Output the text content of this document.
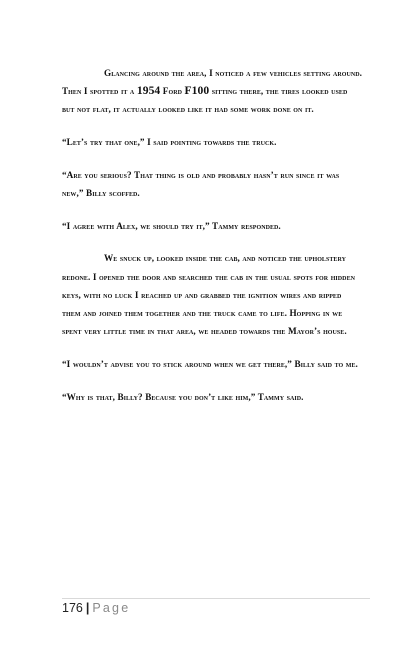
Glancing around the area, I noticed a few vehicles setting around. Then I spotted it a 1954 Ford F100 sitting there, the tires looked used but not flat, it actually looked like it had some work done on it.

“Let’s try that one,” I said pointing towards the truck.

“Are you serious? That thing is old and probably hasn’t run since it was new,” Billy scoffed.

“I agree with Alex, we should try it,” Tammy responded.

We snuck up, looked inside the cab, and noticed the upholstery redone. I opened the door and searched the cab in the usual spots for hidden keys, with no luck I reached up and grabbed the ignition wires and ripped them and joined them together and the truck came to life. Hopping in we spent very little time in that area, we headed towards the Mayor’s house.

“I wouldn’t advise you to stick around when we get there,” Billy said to me.

“Why is that, Billy? Because you don’t like him,” Tammy said.

176 | Page
